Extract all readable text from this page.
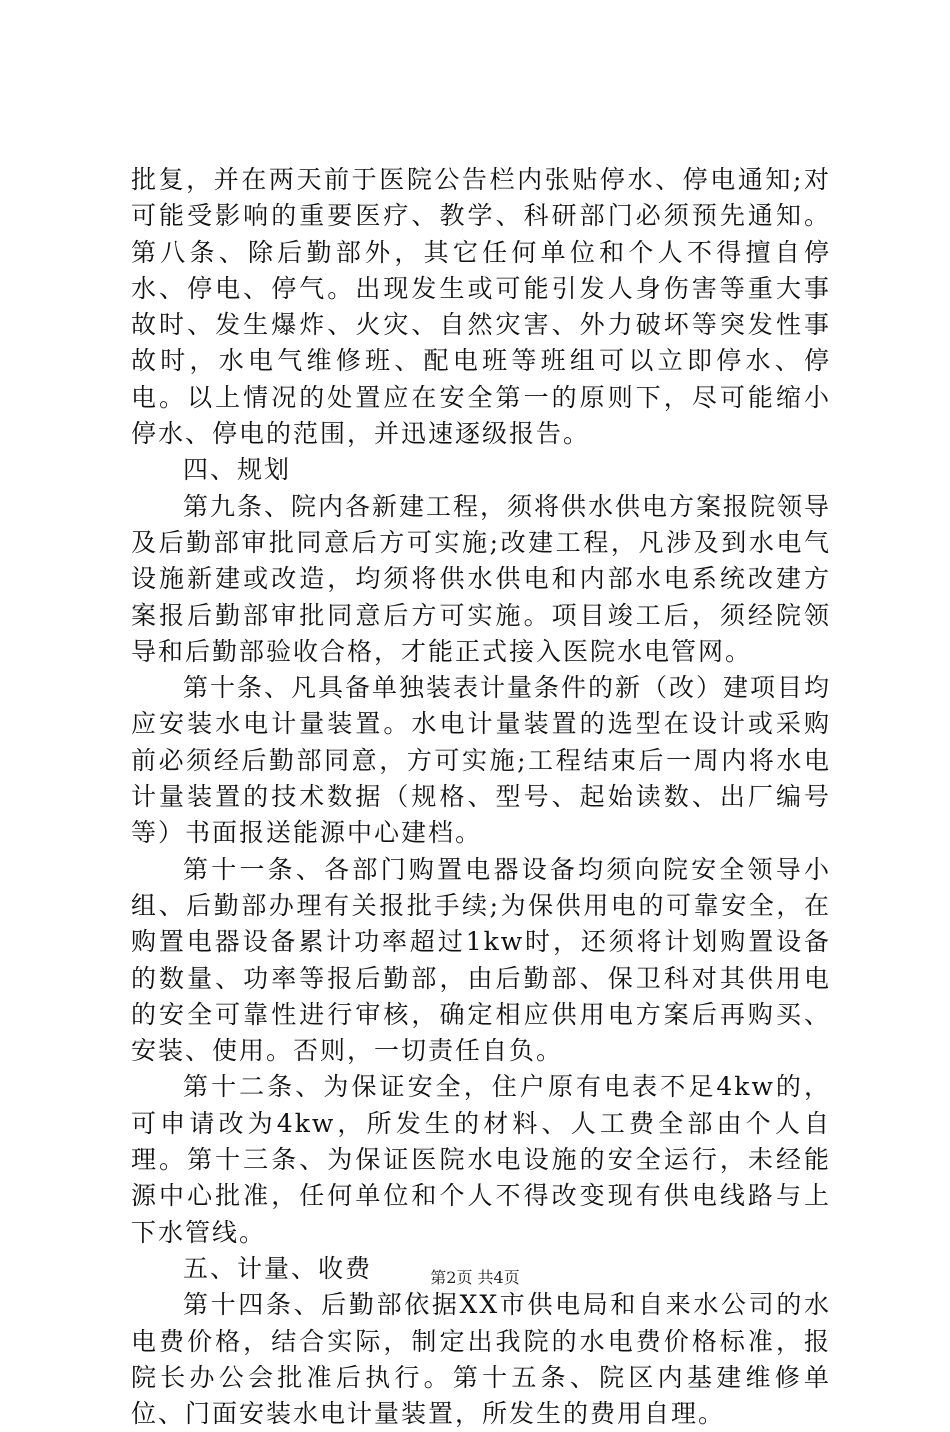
批复，并在两天前于医院公告栏内张贴停水、停电通知;对可能受影响的重要医疗、教学、科研部门必须预先通知。第八条、除后勤部外，其它任何单位和个人不得擅自停水、停电、停气。出现发生或可能引发人身伤害等重大事故时、发生爆炸、火灾、自然灾害、外力破坏等突发性事故时，水电气维修班、配电班等班组可以立即停水、停电。以上情况的处置应在安全第一的原则下，尽可能缩小停水、停电的范围，并迅速逐级报告。

四、规划

第九条、院内各新建工程，须将供水供电方案报院领导及后勤部审批同意后方可实施;改建工程，凡涉及到水电气设施新建或改造，均须将供水供电和内部水电系统改建方案报后勤部审批同意后方可实施。项目竣工后，须经院领导和后勤部验收合格，才能正式接入医院水电管网。

第十条、凡具备单独装表计量条件的新（改）建项目均应安装水电计量装置。水电计量装置的选型在设计或采购前必须经后勤部同意，方可实施;工程结束后一周内将水电计量装置的技术数据（规格、型号、起始读数、出厂编号等）书面报送能源中心建档。

第十一条、各部门购置电器设备均须向院安全领导小组、后勤部办理有关报批手续;为保供用电的可靠安全，在购置电器设备累计功率超过1kw时，还须将计划购置设备的数量、功率等报后勤部，由后勤部、保卫科对其供用电的安全可靠性进行审核，确定相应供用电方案后再购买、安装、使用。否则，一切责任自负。

第十二条、为保证安全，住户原有电表不足4kw的，可申请改为4kw，所发生的材料、人工费全部由个人自理。第十三条、为保证医院水电设施的安全运行，未经能源中心批准，任何单位和个人不得改变现有供电线路与上下水管线。

五、计量、收费

第十四条、后勤部依据XX市供电局和自来水公司的水电费价格，结合实际，制定出我院的水电费价格标准，报院长办公会批准后执行。第十五条、院区内基建维修单位、门面安装水电计量装置，所发生的费用自理。

第2页 共4页
